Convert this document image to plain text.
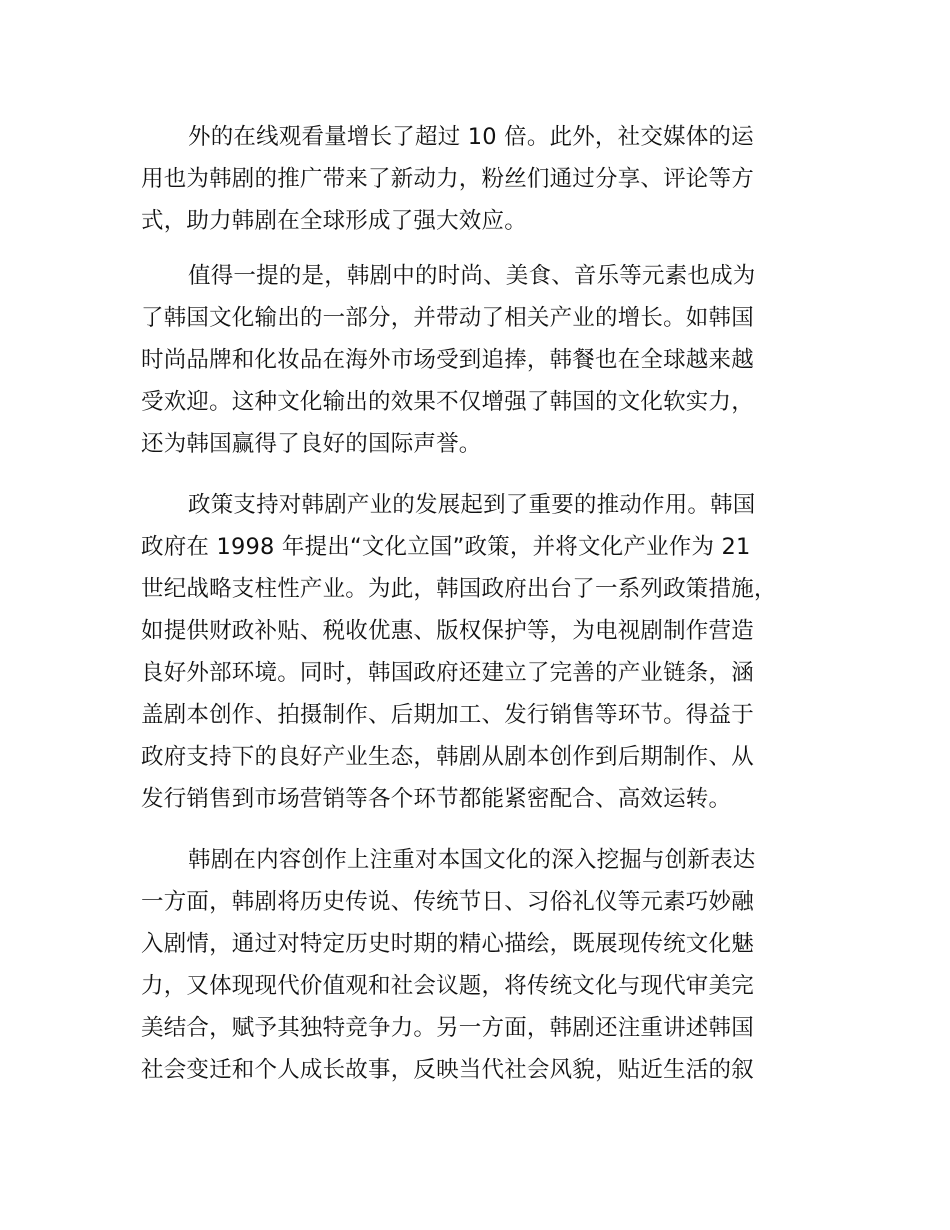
外的在线观看量增长了超过 10 倍。此外，社交媒体的运
用也为韩剧的推广带来了新动力，粉丝们通过分享、评论等方
式，助力韩剧在全球形成了强大效应。
值得一提的是，韩剧中的时尚、美食、音乐等元素也成为
了韩国文化输出的一部分，并带动了相关产业的增长。如韩国
时尚品牌和化妆品在海外市场受到追捧，韩餐也在全球越来越
受欢迎。这种文化输出的效果不仅增强了韩国的文化软实力，
还为韩国赢得了良好的国际声誉。
政策支持对韩剧产业的发展起到了重要的推动作用。韩国
政府在 1998 年提出“文化立国”政策，并将文化产业作为 21
世纪战略支柱性产业。为此，韩国政府出台了一系列政策措施，
如提供财政补贴、税收优惠、版权保护等，为电视剧制作营造
良好外部环境。同时，韩国政府还建立了完善的产业链条，涵
盖剧本创作、拍摄制作、后期加工、发行销售等环节。得益于
政府支持下的良好产业生态，韩剧从剧本创作到后期制作、从
发行销售到市场营销等各个环节都能紧密配合、高效运转。
韩剧在内容创作上注重对本国文化的深入挖掘与创新表达
一方面，韩剧将历史传说、传统节日、习俗礼仪等元素巧妙融
入剧情，通过对特定历史时期的精心描绘，既展现传统文化魅
力，又体现现代价值观和社会议题，将传统文化与现代审美完
美结合，赋予其独特竞争力。另一方面，韩剧还注重讲述韩国
社会变迁和个人成长故事，反映当代社会风貌，贴近生活的叙
